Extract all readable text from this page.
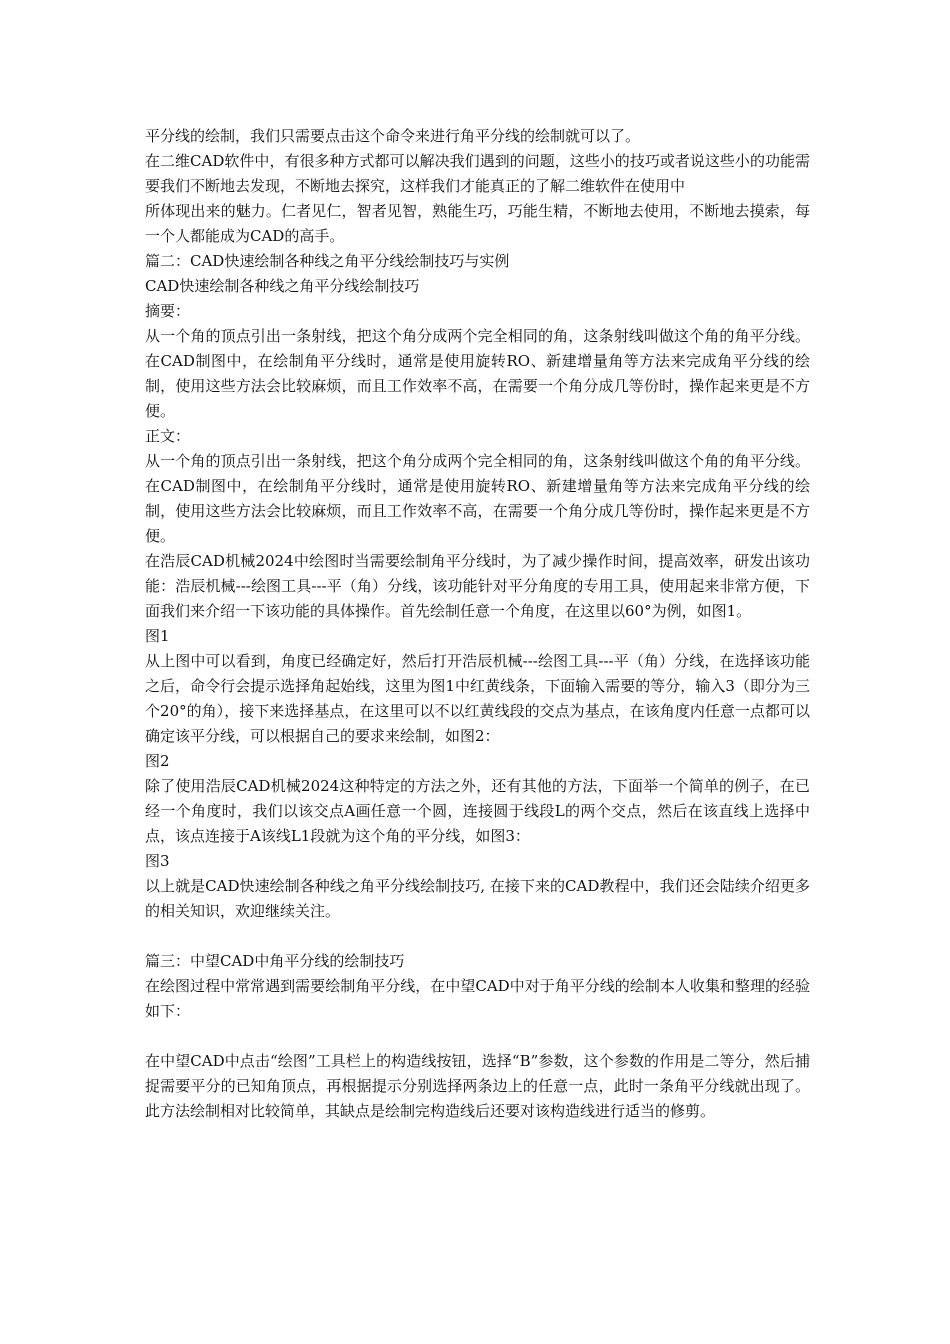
平分线的绘制，我们只需要点击这个命令来进行角平分线的绘制就可以了。

在二维CAD软件中，有很多种方式都可以解决我们遇到的问题，这些小的技巧或者说这些小的功能需要我们不断地去发现，不断地去探究，这样我们才能真正的了解二维软件在使用中

所体现出来的魅力。仁者见仁，智者见智，熟能生巧，巧能生精，不断地去使用，不断地去摸索，每一个人都能成为CAD的高手。

篇二：CAD快速绘制各种线之角平分线绘制技巧与实例

CAD快速绘制各种线之角平分线绘制技巧

摘要：

从一个角的顶点引出一条射线，把这个角分成两个完全相同的角，这条射线叫做这个角的角平分线。在CAD制图中，在绘制角平分线时，通常是使用旋转RO、新建增量角等方法来完成角平分线的绘制，使用这些方法会比较麻烦，而且工作效率不高，在需要一个角分成几等份时，操作起来更是不方便。

正文：

从一个角的顶点引出一条射线，把这个角分成两个完全相同的角，这条射线叫做这个角的角平分线。在CAD制图中，在绘制角平分线时，通常是使用旋转RO、新建增量角等方法来完成角平分线的绘制，使用这些方法会比较麻烦，而且工作效率不高，在需要一个角分成几等份时，操作起来更是不方便。

在浩辰CAD机械2024中绘图时当需要绘制角平分线时，为了减少操作时间，提高效率，研发出该功能：浩辰机械---绘图工具---平（角）分线，该功能针对平分角度的专用工具，使用起来非常方便，下面我们来介绍一下该功能的具体操作。首先绘制任意一个角度，在这里以60°为例，如图1。

图1

从上图中可以看到，角度已经确定好，然后打开浩辰机械---绘图工具---平（角）分线，在选择该功能之后，命令行会提示选择角起始线，这里为图1中红黄线条，下面输入需要的等分，输入3（即分为三个20°的角），接下来选择基点，在这里可以不以红黄线段的交点为基点，在该角度内任意一点都可以确定该平分线，可以根据自己的要求来绘制，如图2：

图2

除了使用浩辰CAD机械2024这种特定的方法之外，还有其他的方法，下面举一个简单的例子，在已经一个角度时，我们以该交点A画任意一个圆，连接圆于线段L的两个交点，然后在该直线上选择中点，该点连接于A该线L1段就为这个角的平分线，如图3：

图3

以上就是CAD快速绘制各种线之角平分线绘制技巧, 在接下来的CAD教程中，我们还会陆续介绍更多的相关知识，欢迎继续关注。

篇三：中望CAD中角平分线的绘制技巧

在绘图过程中常常遇到需要绘制角平分线，在中望CAD中对于角平分线的绘制本人收集和整理的经验如下：

在中望CAD中点击“绘图”工具栏上的构造线按钮，选择“B”参数，这个参数的作用是二等分，然后捕捉需要平分的已知角顶点，再根据提示分别选择两条边上的任意一点，此时一条角平分线就出现了。此方法绘制相对比较简单，其缺点是绘制完构造线后还要对该构造线进行适当的修剪。
